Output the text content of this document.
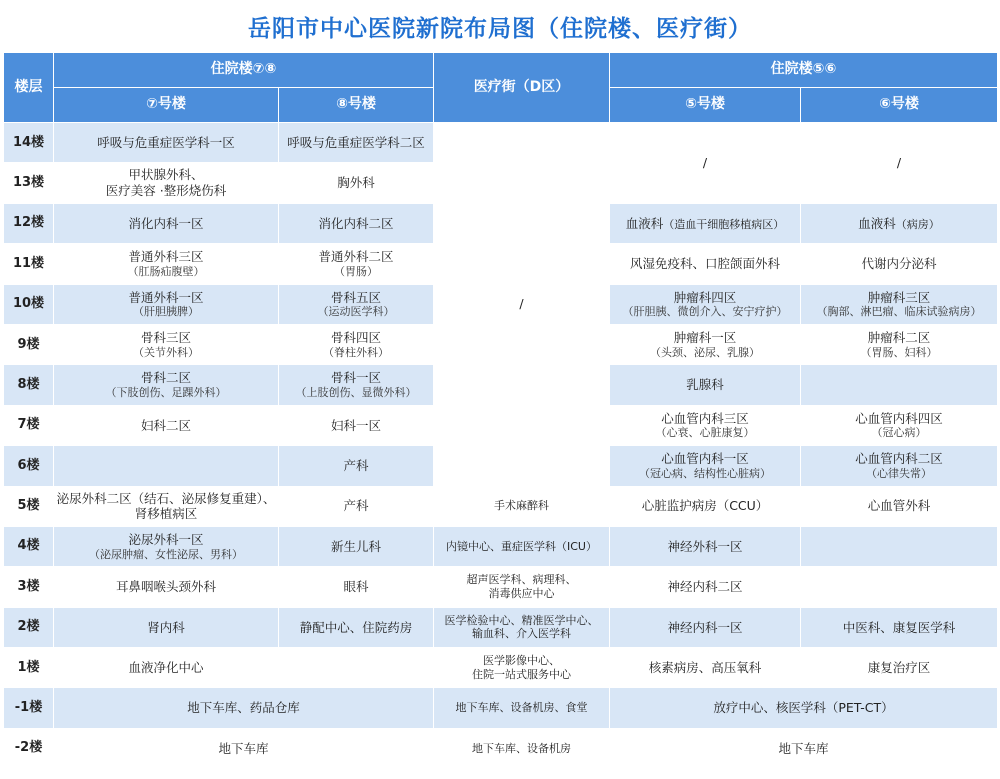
岳阳市中心医院新院布局图（住院楼、医疗街）
楼层	住院楼⑦⑧		医疗街（D区）	住院楼⑤⑥	
	⑦号楼	⑧号楼		⑤号楼	⑥号楼
14楼	呼吸与危重症医学科一区	呼吸与危重症医学科二区	/	/	/
13楼	甲状腺外科、
医疗美容 ·整形烧伤科	胸外科			
12楼	消化内科一区	消化内科二区		血液科（造血干细胞移植病区）	血液科（病房）
11楼	普通外科三区
（肛肠疝腹壁）	普通外科二区
（胃肠）		风湿免疫科、口腔颌面外科	代谢内分泌科
10楼	普通外科一区
（肝胆胰脾）	骨科五区
（运动医学科）		肿瘤科四区
（肝胆胰、微创介入、安宁疗护）	肿瘤科三区
（胸部、淋巴瘤、临床试验病房）

9楼	骨科三区
（关节外科）	骨科四区
（脊柱外科）		肿瘤科一区
（头颈、泌尿、乳腺）	肿瘤科二区
（胃肠、妇科）

8楼	骨科二区
（下肢创伤、足踝外科）	骨科一区
（上肢创伤、显微外科）		乳腺科	
7楼	妇科二区	妇科一区		心血管内科三区
（心衰、心脏康复）	心血管内科四区
（冠心病）

6楼		产科		心血管内科一区
（冠心病、结构性心脏病）	心血管内科二区
（心律失常）

5楼	泌尿外科二区（结石、泌尿修复重建）、
肾移植病区	产科	手术麻醉科	心脏监护病房（CCU）	心血管外科
4楼	泌尿外科一区
（泌尿肿瘤、女性泌尿、男科）	新生儿科	内镜中心、重症医学科（ICU）	神经外科一区	
3楼	耳鼻咽喉头颈外科	眼科	超声医学科、病理科、
消毒供应中心	神经内科二区	
2楼	肾内科	静配中心、住院药房	医学检验中心、精准医学中心、
输血科、介入医学科	神经内科一区	中医科、康复医学科
1楼	血液净化中心		医学影像中心、
住院一站式服务中心	核素病房、高压氧科	康复治疗区
-1楼	地下车库、药品仓库		地下车库、设备机房、食堂	放疗中心、核医学科（PET-CT）	
-2楼	地下车库		地下车库、设备机房	地下车库	
